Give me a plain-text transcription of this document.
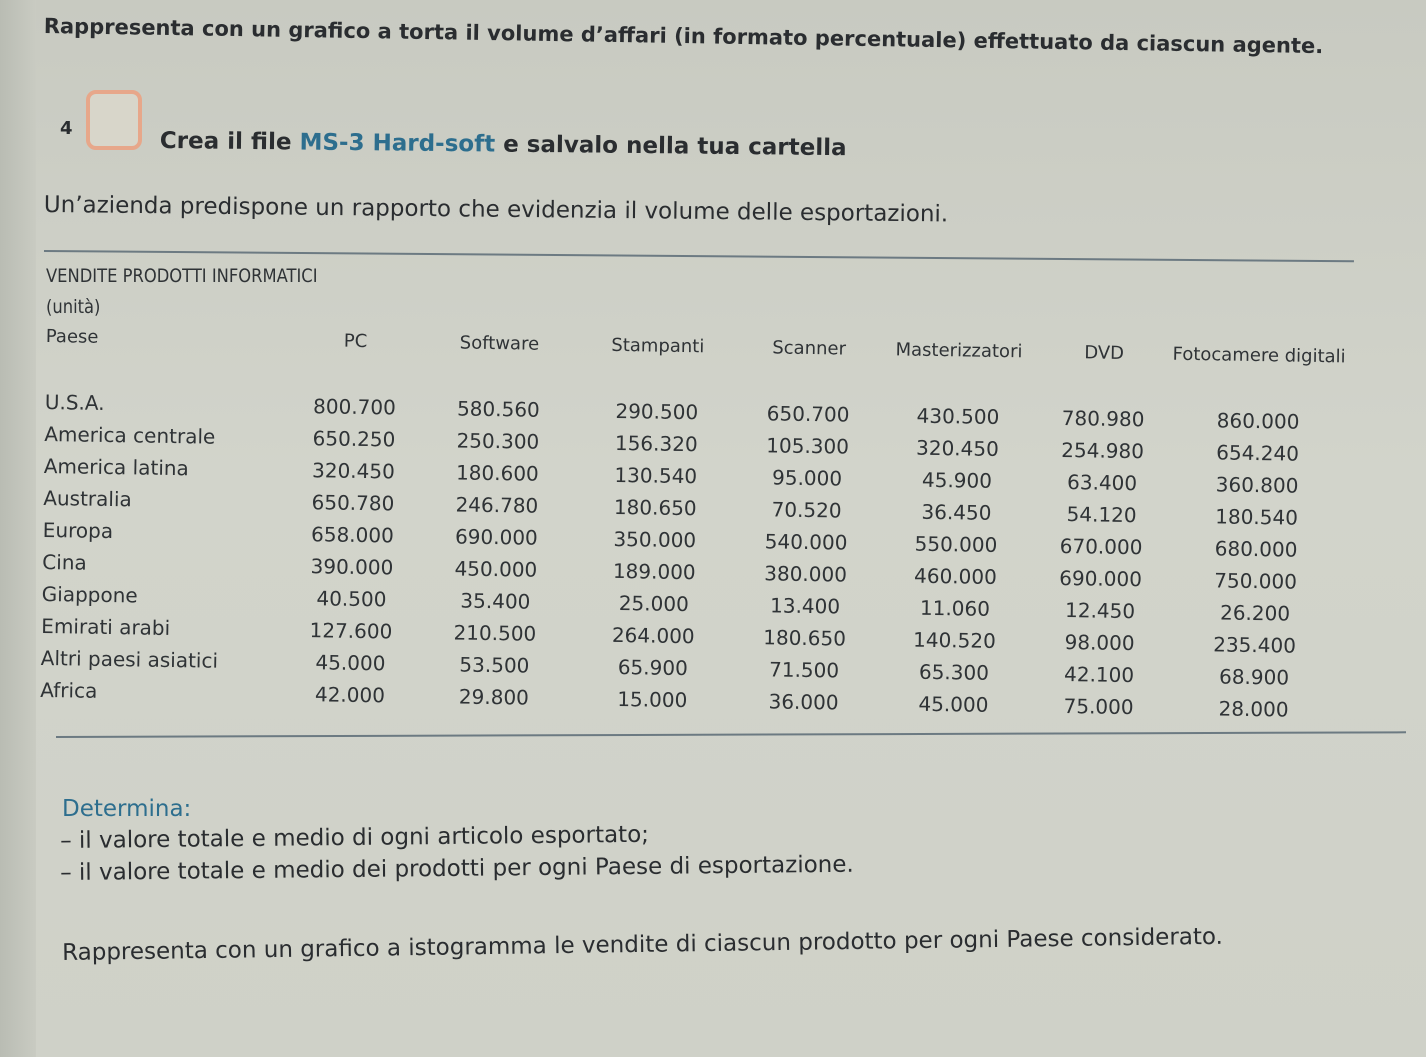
Rappresenta con un grafico a torta il volume d’affari (in formato percentuale) effettuato da ciascun agente.

4	Crea il file MS-3 Hard-soft e salvalo nella tua cartella

Un’azienda predispone un rapporto che evidenzia il volume delle esportazioni.

VENDITE PRODOTTI INFORMATICI

(unità)

Paese	PC	Software	Stampanti	Scanner	Masterizzatori	DVD	Fotocamere digitali
U.S.A.	800.700	580.560	290.500	650.700	430.500	780.980	860.000
America centrale	650.250	250.300	156.320	105.300	320.450	254.980	654.240
America latina	320.450	180.600	130.540	95.000	45.900	63.400	360.800
Australia	650.780	246.780	180.650	70.520	36.450	54.120	180.540
Europa	658.000	690.000	350.000	540.000	550.000	670.000	680.000
Cina	390.000	450.000	189.000	380.000	460.000	690.000	750.000
Giappone	40.500	35.400	25.000	13.400	11.060	12.450	26.200
Emirati arabi	127.600	210.500	264.000	180.650	140.520	98.000	235.400
Altri paesi asiatici	45.000	53.500	65.900	71.500	65.300	42.100	68.900
Africa	42.000	29.800	15.000	36.000	45.000	75.000	28.000

Determina:

– il valore totale e medio di ogni articolo esportato;

– il valore totale e medio dei prodotti per ogni Paese di esportazione.

Rappresenta con un grafico a istogramma le vendite di ciascun prodotto per ogni Paese considerato.
